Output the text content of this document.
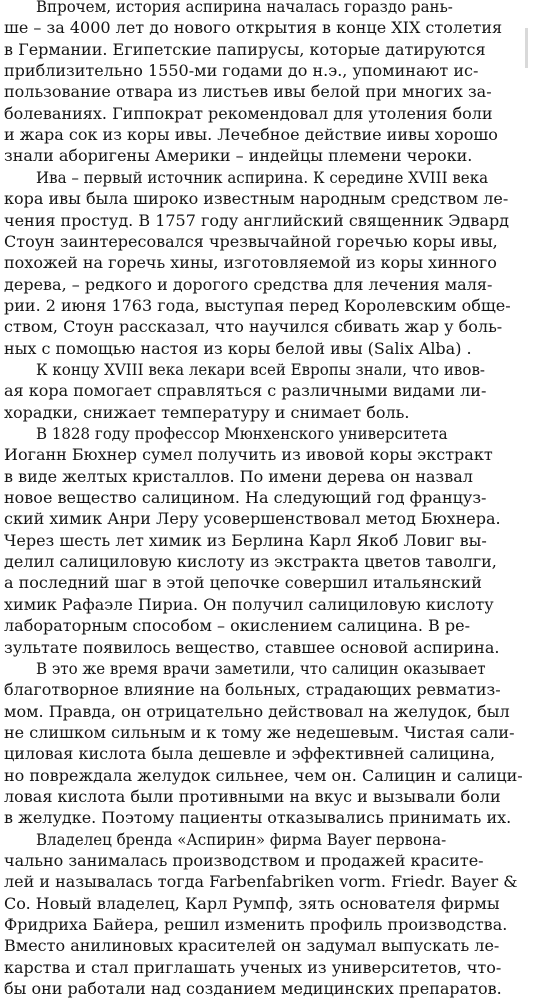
Впрочем, история аспирина началась гораздо рань-
ше – за 4000 лет до нового открытия в конце XIX столетия
в Германии. Египетские папирусы, которые датируются
приблизительно 1550-ми годами до н.э., упоминают ис-
пользование отвара из листьев ивы белой при многих за-
болеваниях. Гиппократ рекомендовал для утоления боли
и жара сок из коры ивы. Лечебное действие иивы хорошо
знали аборигены Америки – индейцы племени чероки.
Ива – первый источник аспирина. К середине XVIII века
кора ивы была широко известным народным средством ле-
чения простуд. В 1757 году английский священник Эдвард
Стоун заинтересовался чрезвычайной горечью коры ивы,
похожей на горечь хины, изготовляемой из коры хинного
дерева, – редкого и дорогого средства для лечения маля-
рии. 2 июня 1763 года, выступая перед Королевским обще-
ством, Стоун рассказал, что научился сбивать жар у боль-
ных с помощью настоя из коры белой ивы (Salix Alba) .
К концу XVIII века лекари всей Европы знали, что ивов-
ая кора помогает справляться с различными видами ли-
хорадки, снижает температуру и снимает боль.
В 1828 году профессор Мюнхенского университета
Иоганн Бюхнер сумел получить из ивовой коры экстракт
в виде желтых кристаллов. По имени дерева он назвал
новое вещество салицином. На следующий год француз-
ский химик Анри Леру усовершенствовал метод Бюхнера.
Через шесть лет химик из Берлина Карл Якоб Ловиг вы-
делил салициловую кислоту из экстракта цветов таволги,
а последний шаг в этой цепочке совершил итальянский
химик Рафаэле Пириа. Он получил салициловую кислоту
лабораторным способом – окислением салицина. В ре-
зультате появилось вещество, ставшее основой аспирина.
В это же время врачи заметили, что салицин оказывает
благотворное влияние на больных, страдающих ревматиз-
мом. Правда, он отрицательно действовал на желудок, был
не слишком сильным и к тому же недешевым. Чистая сали-
циловая кислота была дешевле и эффективней салицина,
но повреждала желудок сильнее, чем он. Салицин и салици-
ловая кислота были противными на вкус и вызывали боли
в желудке. Поэтому пациенты отказывались принимать их.
Владелец бренда «Аспирин» фирма Bayer первона-
чально занималась производством и продажей красите-
лей и называлась тогда Farbenfabriken vorm. Friedr. Bayer &
Co. Новый владелец, Карл Румпф, зять основателя фирмы
Фридриха Байера, решил изменить профиль производства.
Вместо анилиновых красителей он задумал выпускать ле-
карства и стал приглашать ученых из университетов, что-
бы они работали над созданием медицинских препаратов.
